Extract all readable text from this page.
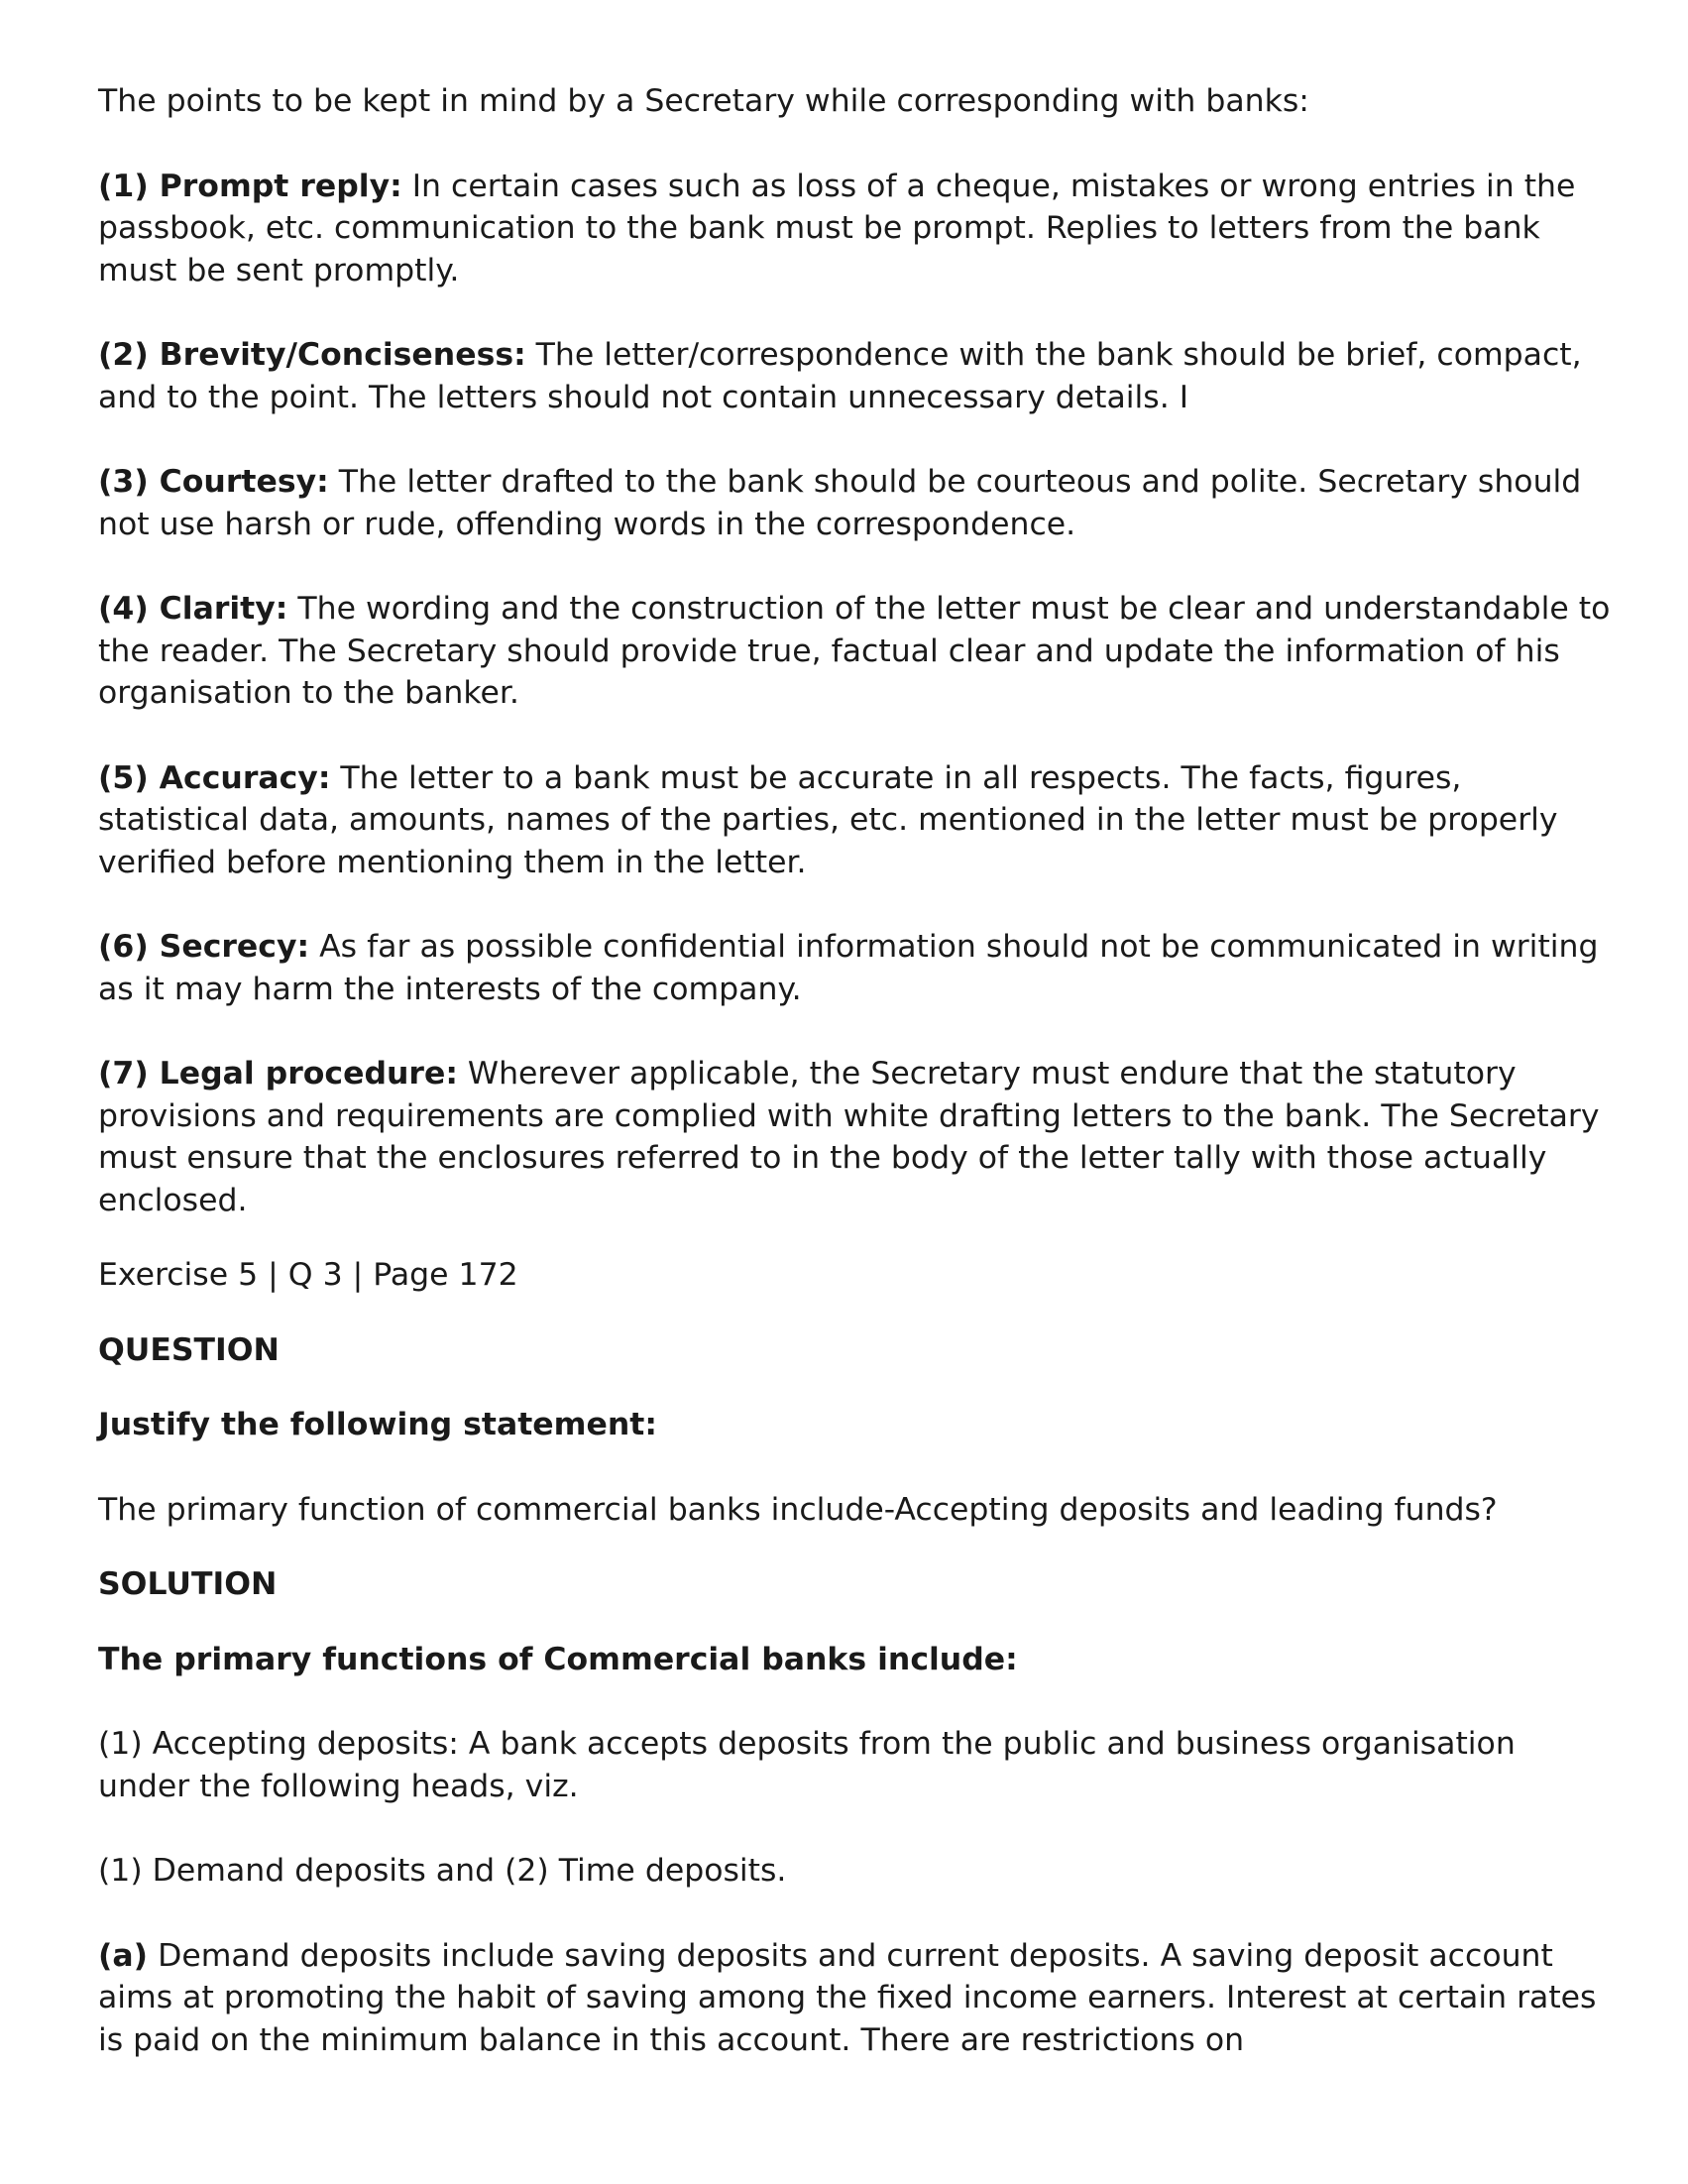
The points to be kept in mind by a Secretary while corresponding with banks:

(1) Prompt reply: In certain cases such as loss of a cheque, mistakes or wrong entries in the passbook, etc. communication to the bank must be prompt. Replies to letters from the bank must be sent promptly.

(2) Brevity/Conciseness: The letter/correspondence with the bank should be brief, compact, and to the point. The letters should not contain unnecessary details. I

(3) Courtesy: The letter drafted to the bank should be courteous and polite. Secretary should not use harsh or rude, offending words in the correspondence.

(4) Clarity: The wording and the construction of the letter must be clear and understandable to the reader. The Secretary should provide true, factual clear and update the information of his organisation to the banker.

(5) Accuracy: The letter to a bank must be accurate in all respects. The facts, figures, statistical data, amounts, names of the parties, etc. mentioned in the letter must be properly verified before mentioning them in the letter.

(6) Secrecy: As far as possible confidential information should not be communicated in writing as it may harm the interests of the company.

(7) Legal procedure: Wherever applicable, the Secretary must endure that the statutory provisions and requirements are complied with white drafting letters to the bank. The Secretary must ensure that the enclosures referred to in the body of the letter tally with those actually enclosed.

Exercise 5 | Q 3 | Page 172

QUESTION

Justify the following statement:

The primary function of commercial banks include-Accepting deposits and leading funds?

SOLUTION

The primary functions of Commercial banks include:

(1) Accepting deposits: A bank accepts deposits from the public and business organisation under the following heads, viz.

(1) Demand deposits and (2) Time deposits.

(a) Demand deposits include saving deposits and current deposits. A saving deposit account aims at promoting the habit of saving among the fixed income earners. Interest at certain rates is paid on the minimum balance in this account. There are restrictions on
